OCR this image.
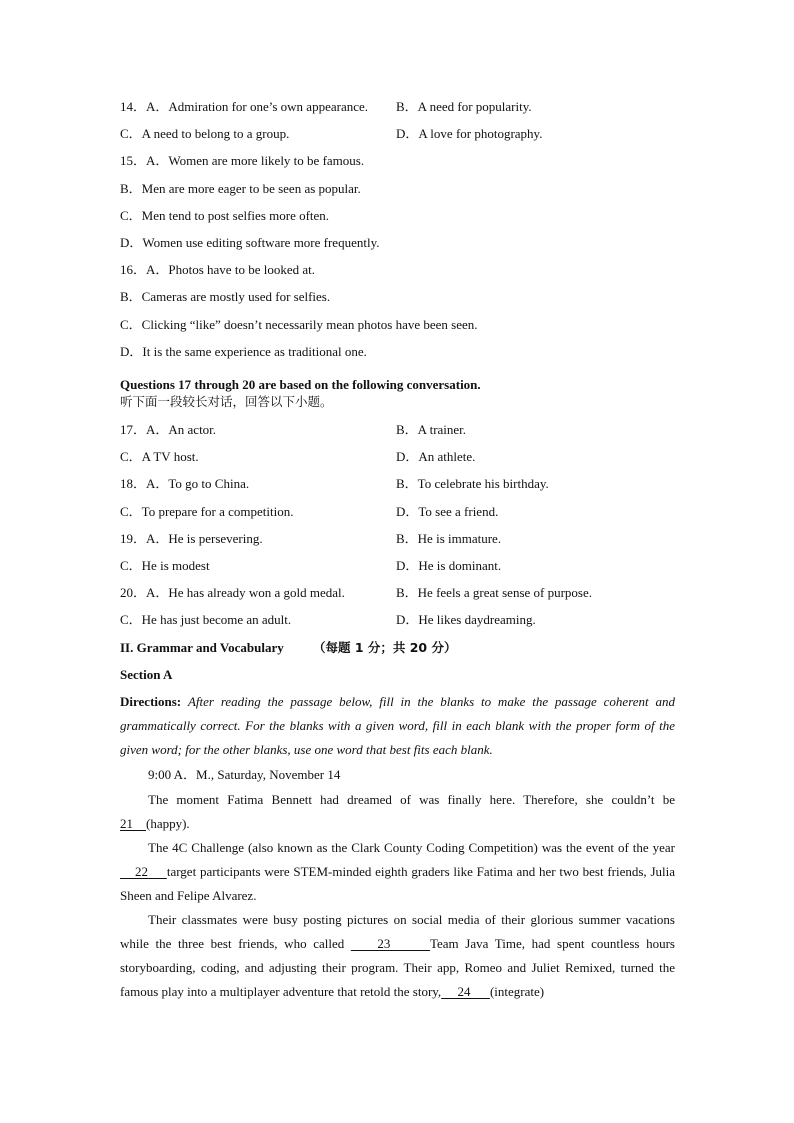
14．A．Admiration for one’s own appearance. B．A need for popularity.
C．A need to belong to a group.	D．A love for photography.
15．A．Women are more likely to be famous.
B．Men are more eager to be seen as popular.
C．Men tend to post selfies more often.
D．Women use editing software more frequently.
16．A．Photos have to be looked at.
B．Cameras are mostly used for selfies.
C．Clicking “like” doesn’t necessarily mean photos have been seen.
D．It is the same experience as traditional one.
Questions 17 through 20 are based on the following conversation.
听下面一段较长对话，回答以下小题。
17．A．An actor.	B．A trainer.
C．A TV host.	D．An athlete.
18．A．To go to China.	B．To celebrate his birthday.
C．To prepare for a competition.	D．To see a friend.
19．A．He is persevering.	B．He is immature.
C．He is modest	D．He is dominant.
20．A．He has already won a gold medal.	B．He feels a great sense of purpose.
C．He has just become an adult.	D．He likes daydreaming.
II. Grammar and Vocabulary （每题 1 分；共 20 分）
Section A
Directions: After reading the passage below, fill in the blanks to make the passage coherent and grammatically correct. For the blanks with a given word, fill in each blank with the proper form of the given word; for the other blanks, use one word that best fits each blank.
9:00 A．M., Saturday, November 14
The moment Fatima Bennett had dreamed of was finally here. Therefore, she couldn’t be 21    (happy).
The 4C Challenge (also known as the Clark County Coding Competition) was the event of the year     22     target participants were STEM-minded eighth graders like Fatima and her two best friends, Julia Sheen and Felipe Alvarez.
Their classmates were busy posting pictures on social media of their glorious summer vacations while the three best friends, who called     23      Team Java Time, had spent countless hours storyboarding, coding, and adjusting their program. Their app, Romeo and Juliet Remixed, turned the famous play into a multiplayer adventure that retold the story,     24      (integrate)
